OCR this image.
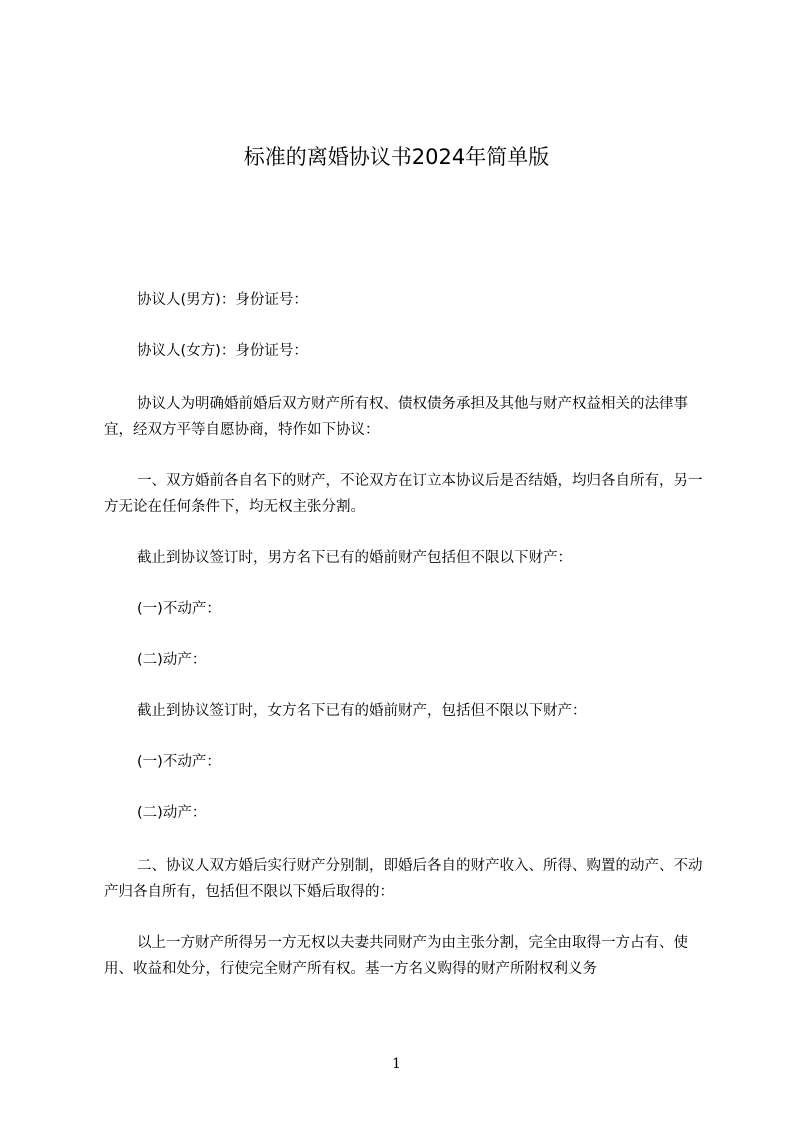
标准的离婚协议书2024年简单版

协议人(男方)：身份证号：

协议人(女方)：身份证号：

协议人为明确婚前婚后双方财产所有权、债权债务承担及其他与财产权益相关的法律事宜，经双方平等自愿协商，特作如下协议：

一、双方婚前各自名下的财产，不论双方在订立本协议后是否结婚，均归各自所有，另一方无论在任何条件下，均无权主张分割。

截止到协议签订时，男方名下已有的婚前财产包括但不限以下财产：

(一)不动产：

(二)动产：

截止到协议签订时，女方名下已有的婚前财产，包括但不限以下财产：

(一)不动产：

(二)动产：

二、协议人双方婚后实行财产分别制，即婚后各自的财产收入、所得、购置的动产、不动产归各自所有，包括但不限以下婚后取得的：

以上一方财产所得另一方无权以夫妻共同财产为由主张分割，完全由取得一方占有、使用、收益和处分，行使完全财产所有权。基一方名义购得的财产所附权利义务

1
